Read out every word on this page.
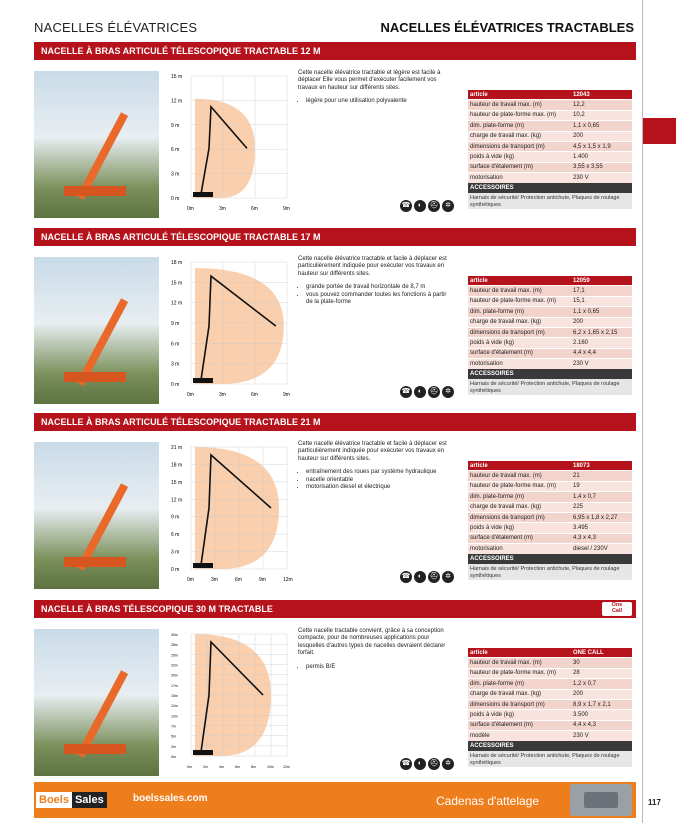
NACELLES ÉLÉVATRICES	NACELLES ÉLÉVATRICES TRACTABLES
NACELLE À BRAS ARTICULÉ TÉLESCOPIQUE TRACTABLE 12 M
15 m
12 m
9 m
6 m
3 m
0 m
0m	3m	6m	9m
Cette nacelle élévatrice tractable et légère est facile à déplacer Elle vous permet d'exécuter facilement vos travaux en hauteur sur différents sites.
• légère pour une utilisation polyvalente
☎ ◐ ⛑ ✲
article	12043
hauteur de travail max. (m)	12,2
hauteur de plate-forme max. (m)	10,2
dim. plate-forme (m)	1,1 x 0,65
charge de travail max. (kg)	200
dimensions de transport (m)	4,5 x 1,5 x 1,9
poids à vide (kg)	1.400
surface d'étalement (m)	3,55 x 3,55
motorisation	230 V
ACCESSOIRES
Harnais de sécurité/ Protection antichute, Plaques de roulage synthétiques
NACELLE À BRAS ARTICULÉ TÉLESCOPIQUE TRACTABLE 17 M
18 m
15 m
12 m
9 m
6 m
3 m
0 m
0m	3m	6m	9m
Cette nacelle élévatrice tractable et facile à déplacer est particulièrement indiquée pour exécuter vos travaux en hauteur sur différents sites.
• grande portée de travail horizontale de 8,7 m
• vous pouvez commander toutes les fonctions à partir de la plate-forme
☎ ◐ ⛑ ✲
article	12059
hauteur de travail max. (m)	17,1
hauteur de plate-forme max. (m)	15,1
dim. plate-forme (m)	1,1 x 0,65
charge de travail max. (kg)	200
dimensions de transport (m)	6,2 x 1,65 x 2,15
poids à vide (kg)	2.160
surface d'étalement (m)	4,4 x 4,4
motorisation	230 V
ACCESSOIRES
Harnais de sécurité/ Protection antichute, Plaques de roulage synthétiques
NACELLE À BRAS ARTICULÉ TÉLESCOPIQUE TRACTABLE 21 M
21 m
18 m
15 m
12 m
9 m
6 m
3 m
0 m
0m	3m	6m	9m	12m
Cette nacelle élévatrice tractable et facile à déplacer est particulièrement indiquée pour exécuter vos travaux en hauteur sur différents sites.
• entraînement des roues par système hydraulique
• nacelle orientable
• motorisation diesel et électrique
☎ ◐ ⛑ ✲
article	18073
hauteur de travail max. (m)	21
hauteur de plate-forme max. (m)	19
dim. plate-forme (m)	1,4 x 0,7
charge de travail max. (kg)	225
dimensions de transport (m)	6,95 x 1,8 x 2,27
poids à vide (kg)	3.495
surface d'étalement (m)	4,3 x 4,3
motorisation	diesel / 230V
ACCESSOIRES
Harnais de sécurité/ Protection antichute, Plaques de roulage synthétiques
NACELLE À BRAS TÉLESCOPIQUE 30 M TRACTABLE	One
Call
30m
28m
25m
22m
20m
17m
15m
12m
10m
7m
5m
2m
0m
0m	2m	4m	6m	8m	10m	12m
Cette nacelle tractable convient, grâce à sa conception compacte, pour de nombreuses applications pour lesquelles d'autres types de nacelles devraient déclarer forfait.
• permis B/E
☎ ◐ ⛑ ✲
article	ONE CALL
hauteur de travail max. (m)	30
hauteur de plate-forme max. (m)	28
dim. plate-forme (m)	1,2 x 0,7
charge de travail max. (kg)	200
dimensions de transport (m)	8,9 x 1,7 x 2,1
poids à vide (kg)	3.500
surface d'étalement (m)	4,4 x 4,3
modèle	230 V
ACCESSOIRES
Harnais de sécurité/ Protection antichute, Plaques de roulage synthétiques
Boels Sales	boelssales.com	Cadenas d'attelage	117
